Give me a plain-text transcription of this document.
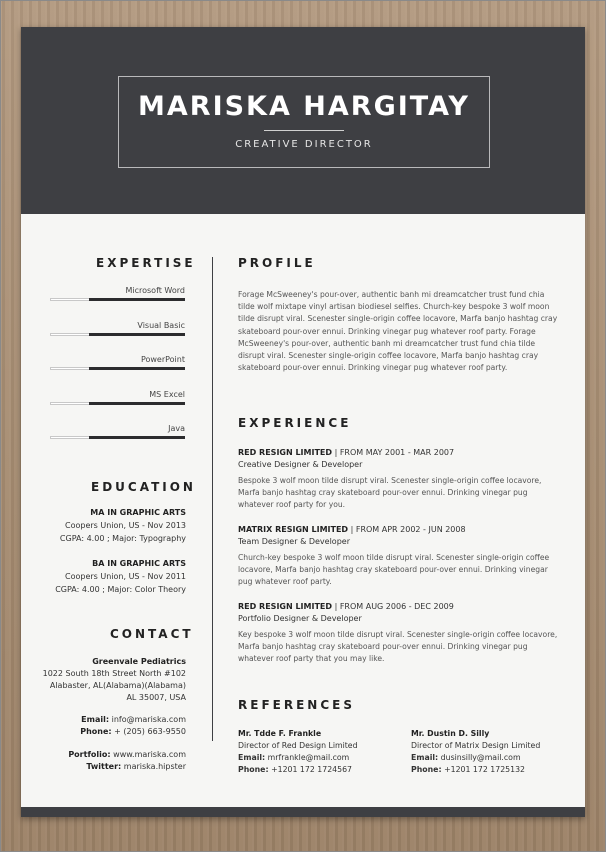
MARISKA HARGITAY
CREATIVE DIRECTOR
EXPERTISE
Microsoft Word
Visual Basic
PowerPoint
MS Excel
Java
EDUCATION
MA IN GRAPHIC ARTS
Coopers Union, US - Nov 2013
CGPA: 4.00 ; Major: Typography
BA IN GRAPHIC ARTS
Coopers Union, US - Nov 2011
CGPA: 4.00 ; Major: Color Theory
CONTACT
Greenvale Pediatrics
1022 South 18th Street North #102
Alabaster, AL(Alabama)(Alabama)
AL 35007, USA
Email: info@mariska.com
Phone: + (205) 663-9550
Portfolio: www.mariska.com
Twitter: mariska.hipster
PROFILE

Forage McSweeney's pour-over, authentic banh mi dreamcatcher trust fund chia tilde wolf mixtape vinyl artisan biodiesel selfies. Church-key bespoke 3 wolf moon tilde disrupt viral. Scenester single-origin coffee locavore, Marfa banjo hashtag cray skateboard pour-over ennui. Drinking vinegar pug whatever roof party. Forage McSweeney's pour-over, authentic banh mi dreamcatcher trust fund chia tilde disrupt viral. Scenester single-origin coffee locavore, Marfa banjo hashtag cray skateboard pour-over ennui. Drinking vinegar pug whatever roof party.

EXPERIENCE
RED RESIGN LIMITED | FROM MAY 2001 - MAR 2007
Creative Designer & Developer
Bespoke 3 wolf moon tilde disrupt viral. Scenester single-origin coffee locavore, Marfa banjo hashtag cray skateboard pour-over ennui. Drinking vinegar pug whatever roof party for you.
MATRIX RESIGN LIMITED | FROM APR 2002 - JUN 2008
Team Designer & Developer
Church-key bespoke 3 wolf moon tilde disrupt viral. Scenester single-origin coffee locavore, Marfa banjo hashtag cray skateboard pour-over ennui. Drinking vinegar pug whatever roof party.
RED RESIGN LIMITED | FROM AUG 2006 - DEC 2009
Portfolio Designer & Developer
Key bespoke 3 wolf moon tilde disrupt viral. Scenester single-origin coffee locavore, Marfa banjo hashtag cray skateboard pour-over ennui. Drinking vinegar pug whatever roof party that you may like.
REFERENCES
Mr. Tdde F. Frankle
Director of Red Design Limited
Email: mrfrankle@mail.com
Phone: +1201 172 1724567
Mr. Dustin D. Silly
Director of Matrix Design Limited
Email: dusinsilly@mail.com
Phone: +1201 172 1725132
